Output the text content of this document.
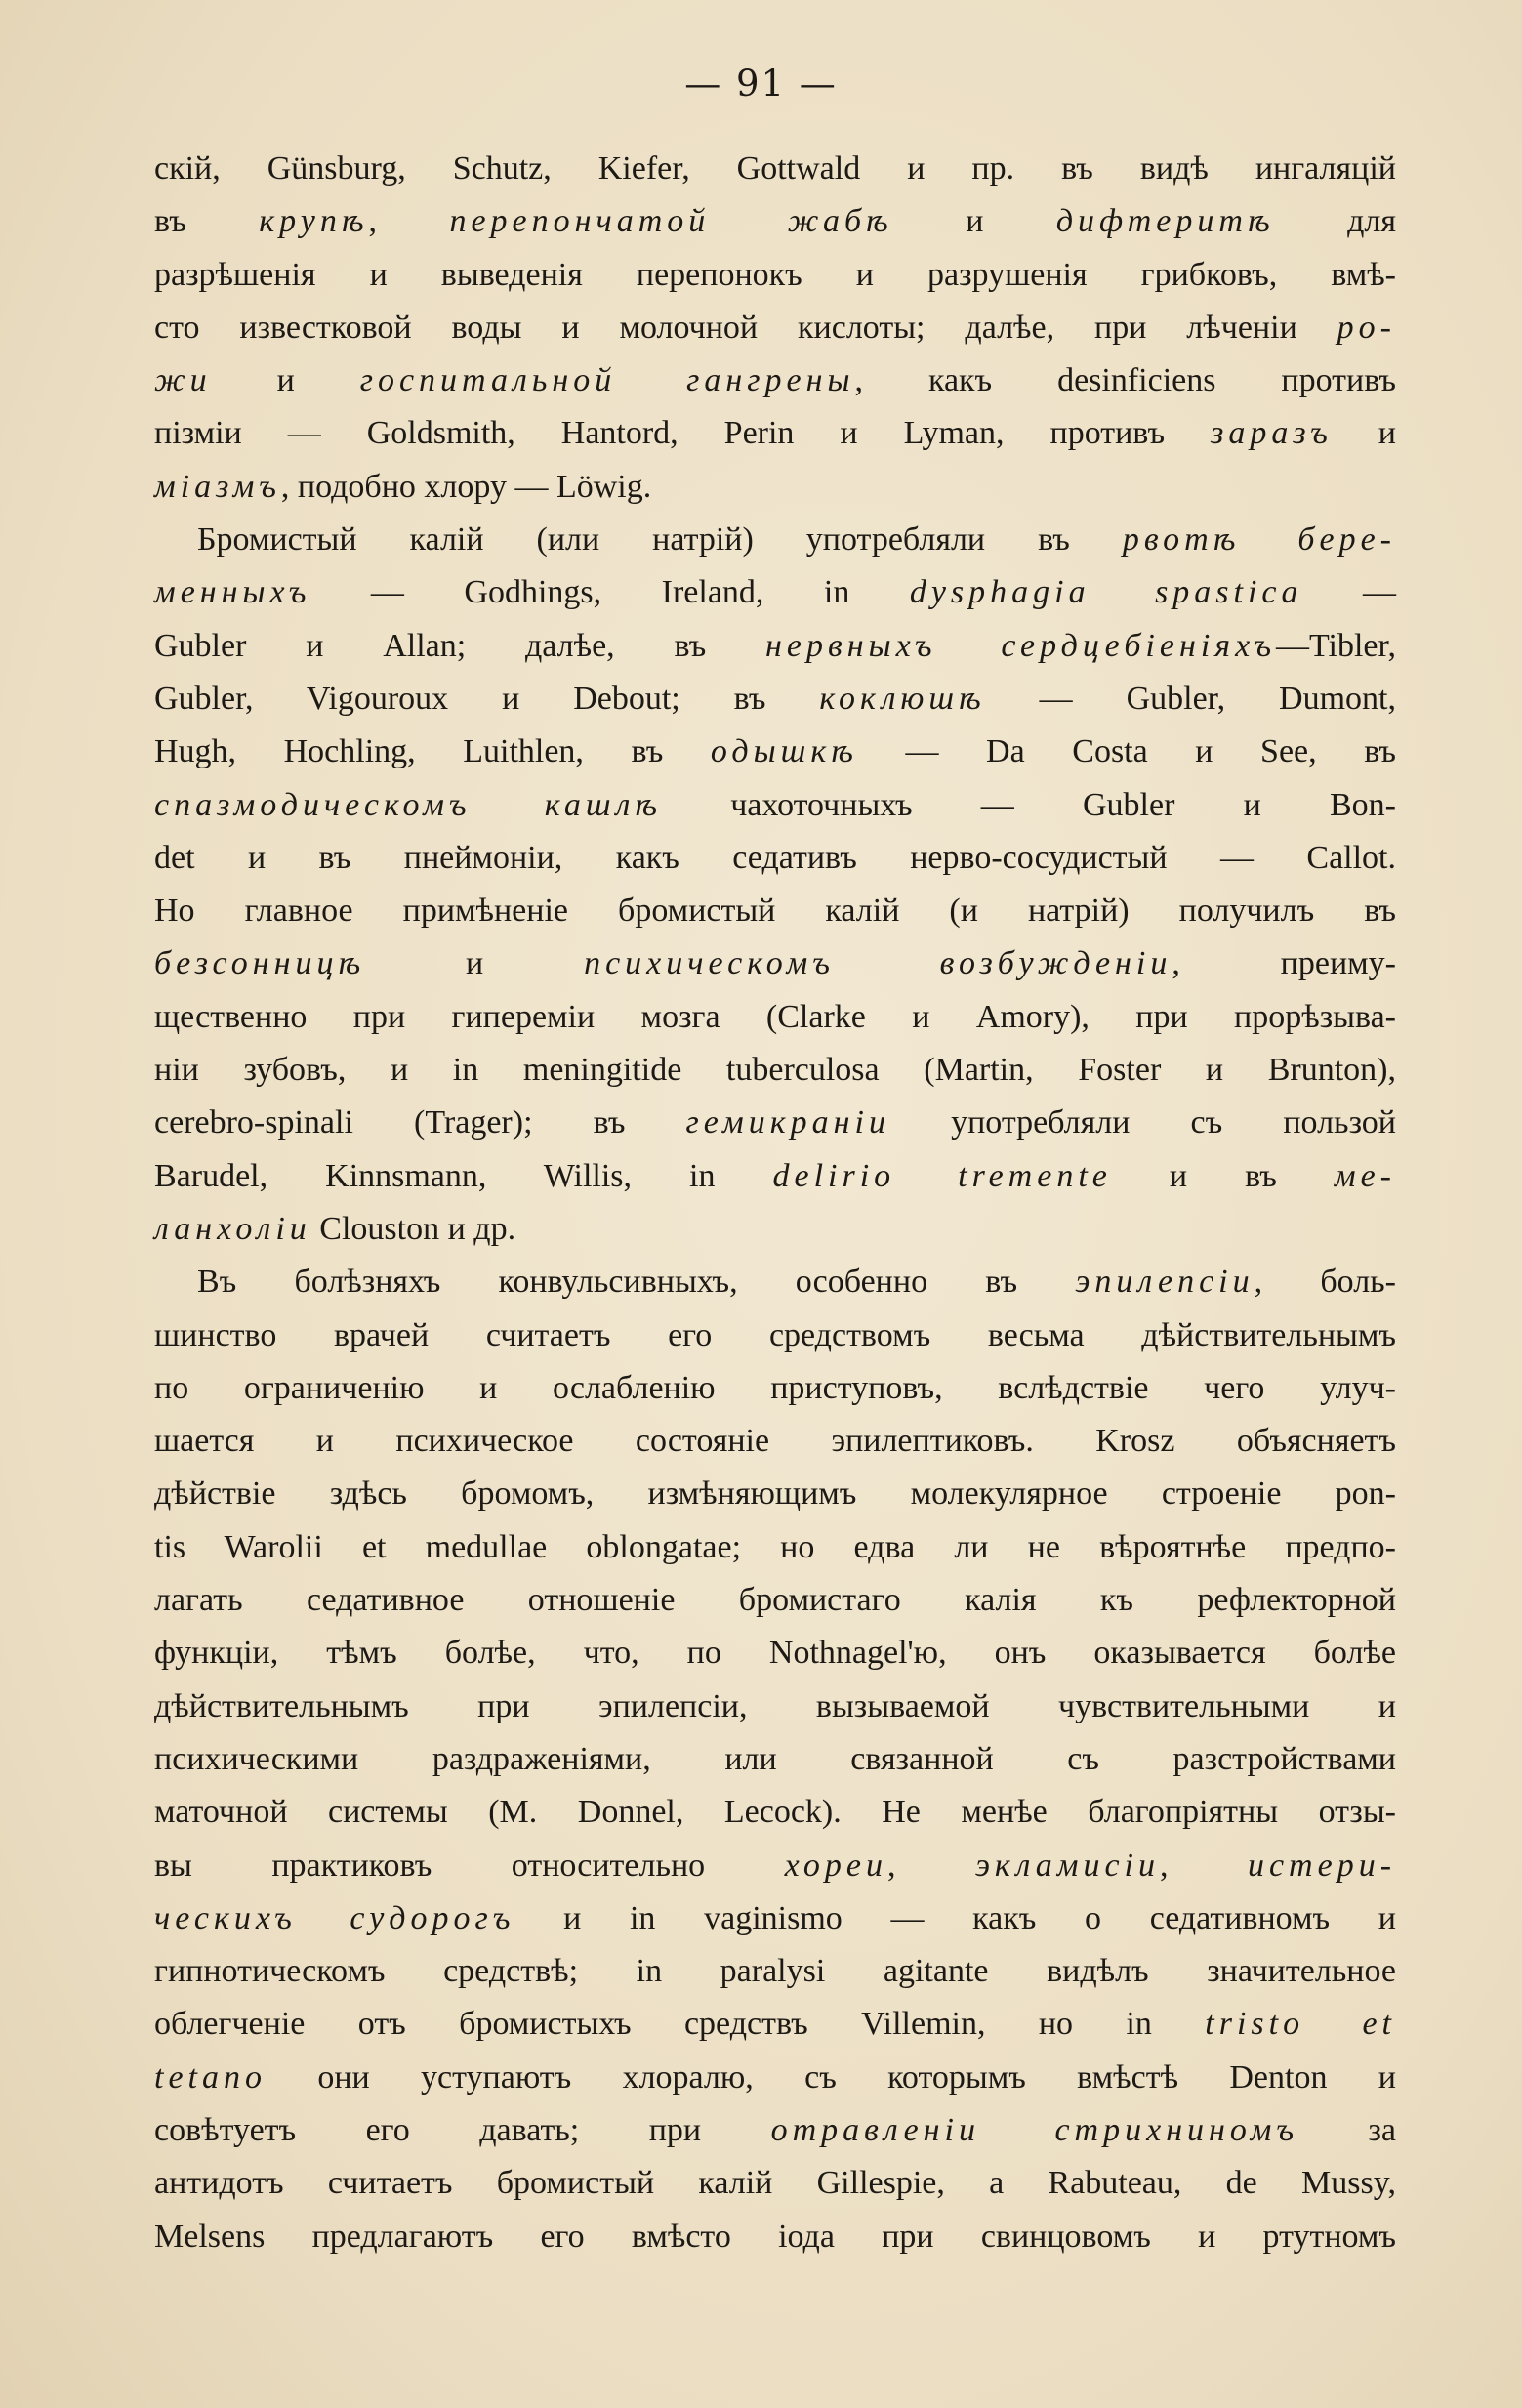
— 91 —
скій, Günsburg, Schutz, Kiefer, Gottwald и пр. въ видѣ ингаляцій
въ крупѣ, перепончатой жабѣ и дифтеритѣ для
разрѣшенія и выведенія перепонокъ и разрушенія грибковъ, вмѣ-
сто известковой воды и молочной кислоты; далѣе, при лѣченіи ро-
жи и госпитальной гангрены, какъ desinficiens противъ
пізміи — Goldsmith, Hantord, Perin и Lyman, противъ заразъ и
міазмъ, подобно хлору — Löwig.
Бромистый калій (или натрій) употребляли въ рвотѣ бере-
менныхъ — Godhings, Ireland, in dysphagia spastica —
Gubler и Allan; далѣе, въ нервныхъ сердцебіеніяхъ—Tibler,
Gubler, Vigouroux и Debout; въ коклюшѣ — Gubler, Dumont,
Hugh, Hochling, Luithlen, въ одышкѣ — Da Costa и See, въ
спазмодическомъ кашлѣ чахоточныхъ — Gubler и Bon-
det и въ пнеймоніи, какъ седативъ нерво-сосудистый — Callot.
Но главное примѣненіе бромистый калій (и натрій) получилъ въ
безсонницѣ и психическомъ возбужденіи, преиму-
щественно при гипереміи мозга (Clarke и Amory), при прорѣзыва-
ніи зубовъ, и in meningitide tuberculosa (Martin, Foster и Brunton),
cerebro-spinali (Trager); въ гемикраніи употребляли съ пользой
Barudel, Kinnsmann, Willis, in delirio tremente и въ ме-
ланхоліи Clouston и др.
Въ болѣзняхъ конвульсивныхъ, особенно въ эпилепсіи, боль-
шинство врачей считаетъ его средствомъ весьма дѣйствительнымъ
по ограниченію и ослабленію приступовъ, вслѣдствіе чего улуч-
шается и психическое состояніе эпилептиковъ. Krosz объясняетъ
дѣйствіе здѣсь бромомъ, измѣняющимъ молекулярное строеніе pon-
tis Warolii et medullae oblongatae; но едва ли не вѣроятнѣе предпо-
лагать седативное отношеніе бромистаго калія къ рефлекторной
функціи, тѣмъ болѣе, что, по Nothnagel'ю, онъ оказывается болѣе
дѣйствительнымъ при эпилепсіи, вызываемой чувствительными и
психическими раздраженіями, или связанной съ разстройствами
маточной системы (M. Donnel, Lecock). Не менѣе благопріятны отзы-
вы практиковъ относительно хореи, экламисіи, истери-
ческихъ судорогъ и in vaginismo — какъ о седативномъ и
гипнотическомъ средствѣ; in paralysi agitante видѣлъ значительное
облегченіе отъ бромистыхъ средствъ Villemin, но in tristo et
tetano они уступаютъ хлоралю, съ которымъ вмѣстѣ Denton и
совѣтуетъ его давать; при отравленіи стрихниномъ за
антидотъ считаетъ бромистый калій Gillespie, а Rabuteau, de Mussy,
Melsens предлагаютъ его вмѣсто іода при свинцовомъ и ртутномъ
